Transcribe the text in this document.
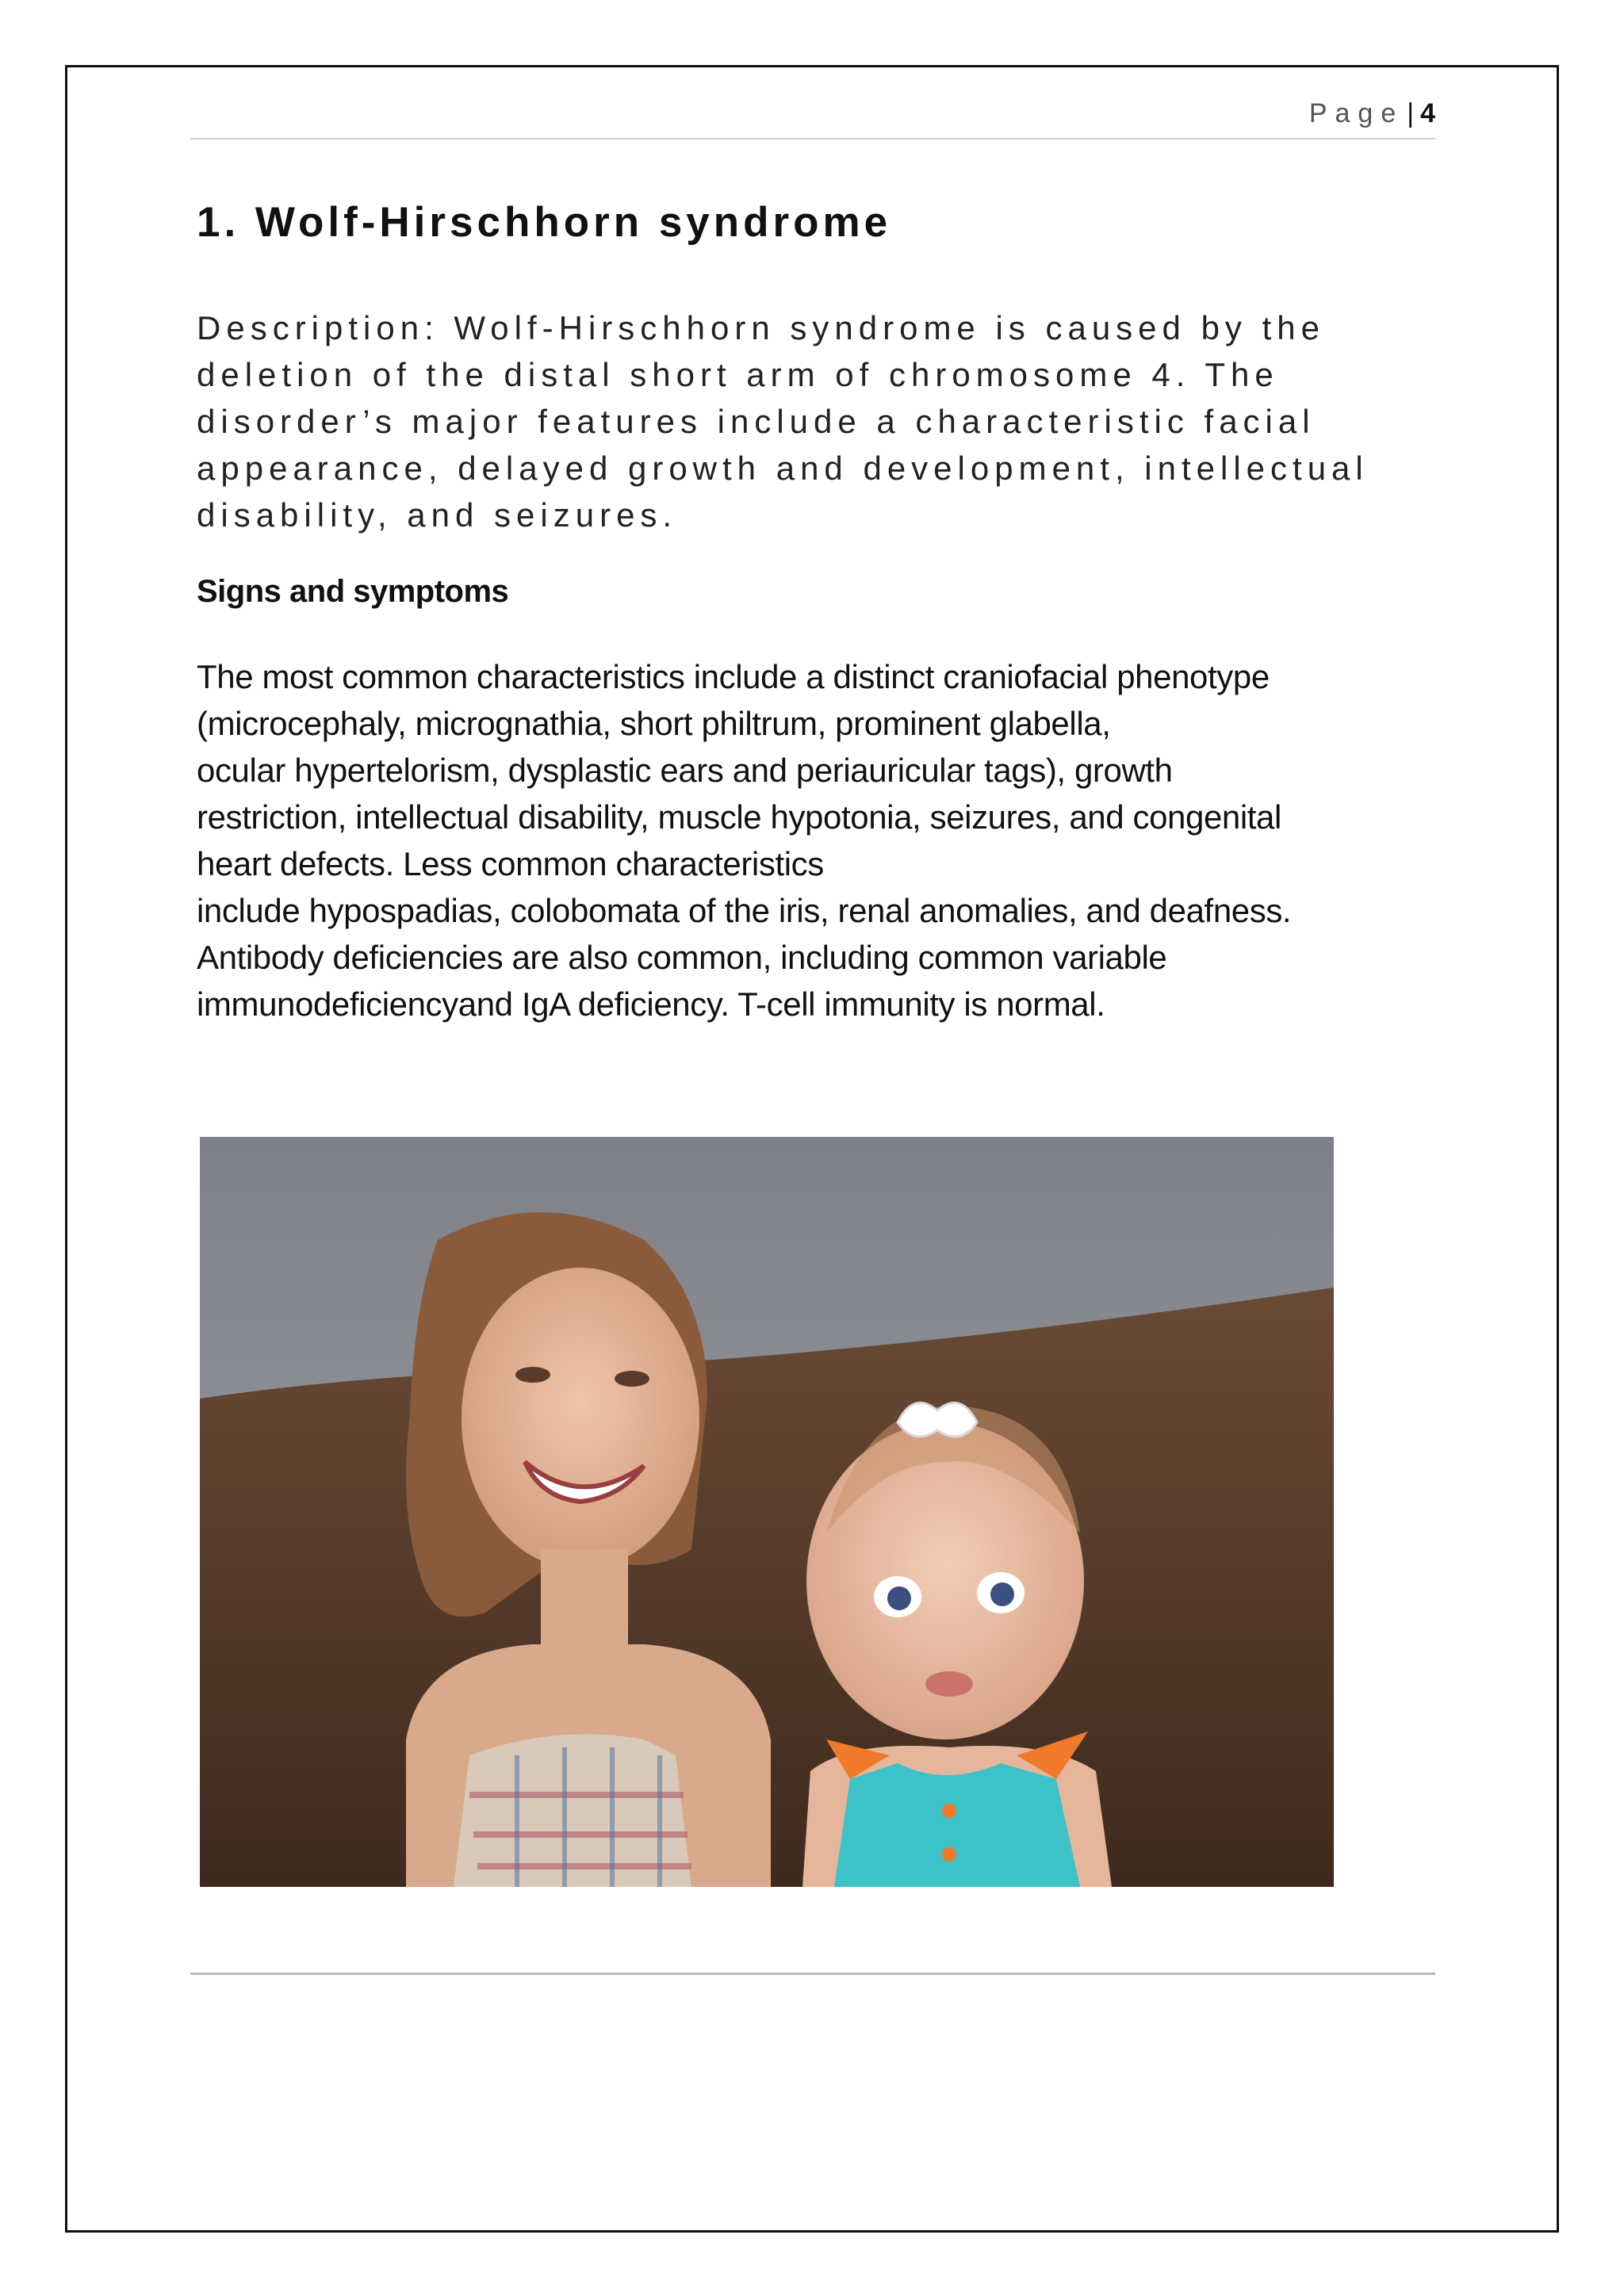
Page | 4
1. Wolf-Hirschhorn syndrome

Description: Wolf-Hirschhorn syndrome is caused by the deletion of the distal short arm of chromosome 4. The disorder’s major features include a characteristic facial appearance, delayed growth and development, intellectual disability, and seizures.

Signs and symptoms

The most common characteristics include a distinct craniofacial phenotype
(microcephaly, micrognathia, short philtrum, prominent glabella,
ocular hypertelorism, dysplastic ears and periauricular tags), growth
restriction, intellectual disability, muscle hypotonia, seizures, and congenital
heart defects. Less common characteristics
include hypospadias, colobomata of the iris, renal anomalies, and deafness.
Antibody deficiencies are also common, including common variable
immunodeficiencyand IgA deficiency. T-cell immunity is normal.
